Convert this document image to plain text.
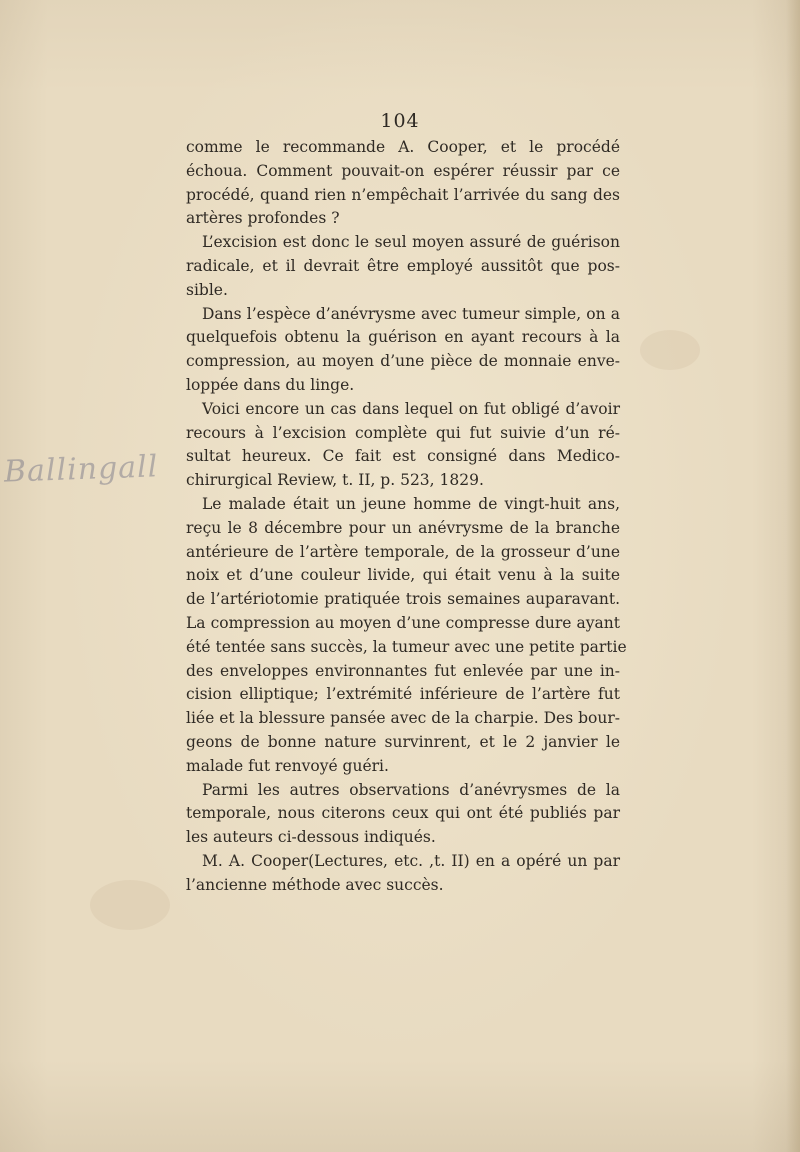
104
Ballingall
comme le recommande A. Cooper, et le procédé
échoua. Comment pouvait-on espérer réussir par ce
procédé, quand rien n’empêchait l’arrivée du sang des
artères profondes ?
L’excision est donc le seul moyen assuré de guérison
radicale, et il devrait être employé aussitôt que pos-
sible.
Dans l’espèce d’anévrysme avec tumeur simple, on a
quelquefois obtenu la guérison en ayant recours à la
compression, au moyen d’une pièce de monnaie enve-
loppée dans du linge.
Voici encore un cas dans lequel on fut obligé d’avoir
recours à l’excision complète qui fut suivie d’un ré-
sultat heureux. Ce fait est consigné dans Medico-
chirurgical Review, t. II, p. 523, 1829.
Le malade était un jeune homme de vingt-huit ans,
reçu le 8 décembre pour un anévrysme de la branche
antérieure de l’artère temporale, de la grosseur d’une
noix et d’une couleur livide, qui était venu à la suite
de l’artériotomie pratiquée trois semaines auparavant.
La compression au moyen d’une compresse dure ayant
été tentée sans succès, la tumeur avec une petite partie
des enveloppes environnantes fut enlevée par une in-
cision elliptique; l’extrémité inférieure de l’artère fut
liée et la blessure pansée avec de la charpie. Des bour-
geons de bonne nature survinrent, et le 2 janvier le
malade fut renvoyé guéri.
Parmi les autres observations d’anévrysmes de la
temporale, nous citerons ceux qui ont été publiés par
les auteurs ci-dessous indiqués.
M. A. Cooper(Lectures, etc. ,t. II) en a opéré un par
l’ancienne méthode avec succès.
